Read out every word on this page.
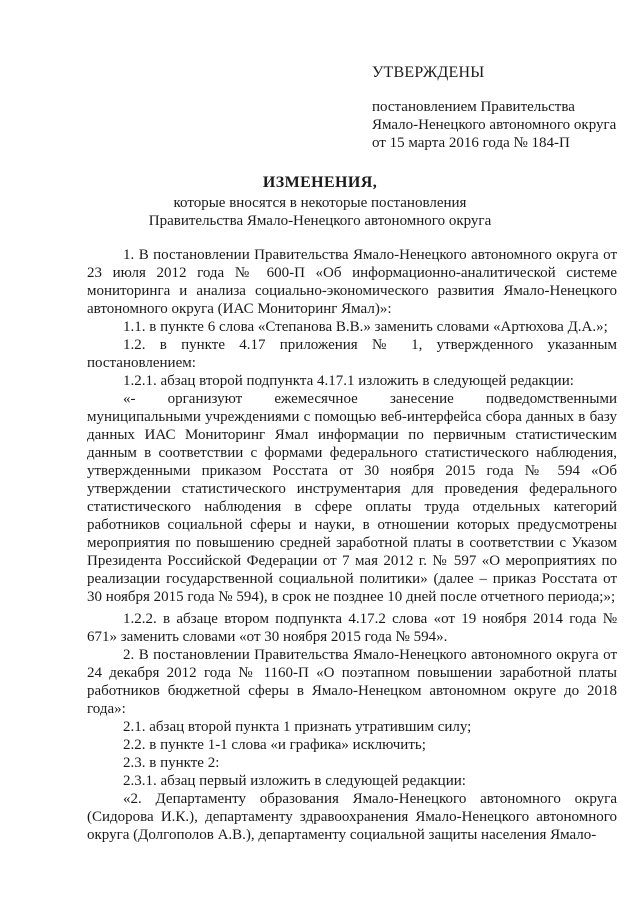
УТВЕРЖДЕНЫ
постановлением Правительства
Ямало-Ненецкого автономного округа
от 15 марта 2016 года № 184-П
ИЗМЕНЕНИЯ,
которые вносятся в некоторые постановления
Правительства Ямало-Ненецкого автономного округа
1. В постановлении Правительства Ямало-Ненецкого автономного округа от 23 июля 2012 года № 600-П «Об информационно-аналитической системе мониторинга и анализа социально-экономического развития Ямало-Ненецкого автономного округа (ИАС Мониторинг Ямал)»:
1.1. в пункте 6 слова «Степанова В.В.» заменить словами «Артюхова Д.А.»;
1.2. в пункте 4.17 приложения № 1, утвержденного указанным постановлением:
1.2.1. абзац второй подпункта 4.17.1 изложить в следующей редакции:
«- организуют ежемесячное занесение подведомственными муниципальными учреждениями с помощью веб-интерфейса сбора данных в базу данных ИАС Мониторинг Ямал информации по первичным статистическим данным в соответствии с формами федерального статистического наблюдения, утвержденными приказом Росстата от 30 ноября 2015 года № 594 «Об утверждении статистического инструментария для проведения федерального статистического наблюдения в сфере оплаты труда отдельных категорий работников социальной сферы и науки, в отношении которых предусмотрены мероприятия по повышению средней заработной платы в соответствии с Указом Президента Российской Федерации от 7 мая 2012 г. № 597 «О мероприятиях по реализации государственной социальной политики» (далее – приказ Росстата от 30 ноября 2015 года № 594), в срок не позднее 10 дней после отчетного периода;»;
1.2.2. в абзаце втором подпункта 4.17.2 слова «от 19 ноября 2014 года № 671» заменить словами «от 30 ноября 2015 года № 594».
2. В постановлении Правительства Ямало-Ненецкого автономного округа от 24 декабря 2012 года № 1160-П «О поэтапном повышении заработной платы работников бюджетной сферы в Ямало-Ненецком автономном округе до 2018 года»:
2.1. абзац второй пункта 1 признать утратившим силу;
2.2. в пункте 1-1 слова «и графика» исключить;
2.3. в пункте 2:
2.3.1. абзац первый изложить в следующей редакции:
«2. Департаменту образования Ямало-Ненецкого автономного округа (Сидорова И.К.), департаменту здравоохранения Ямало-Ненецкого автономного округа (Долгополов А.В.), департаменту социальной защиты населения Ямало-
